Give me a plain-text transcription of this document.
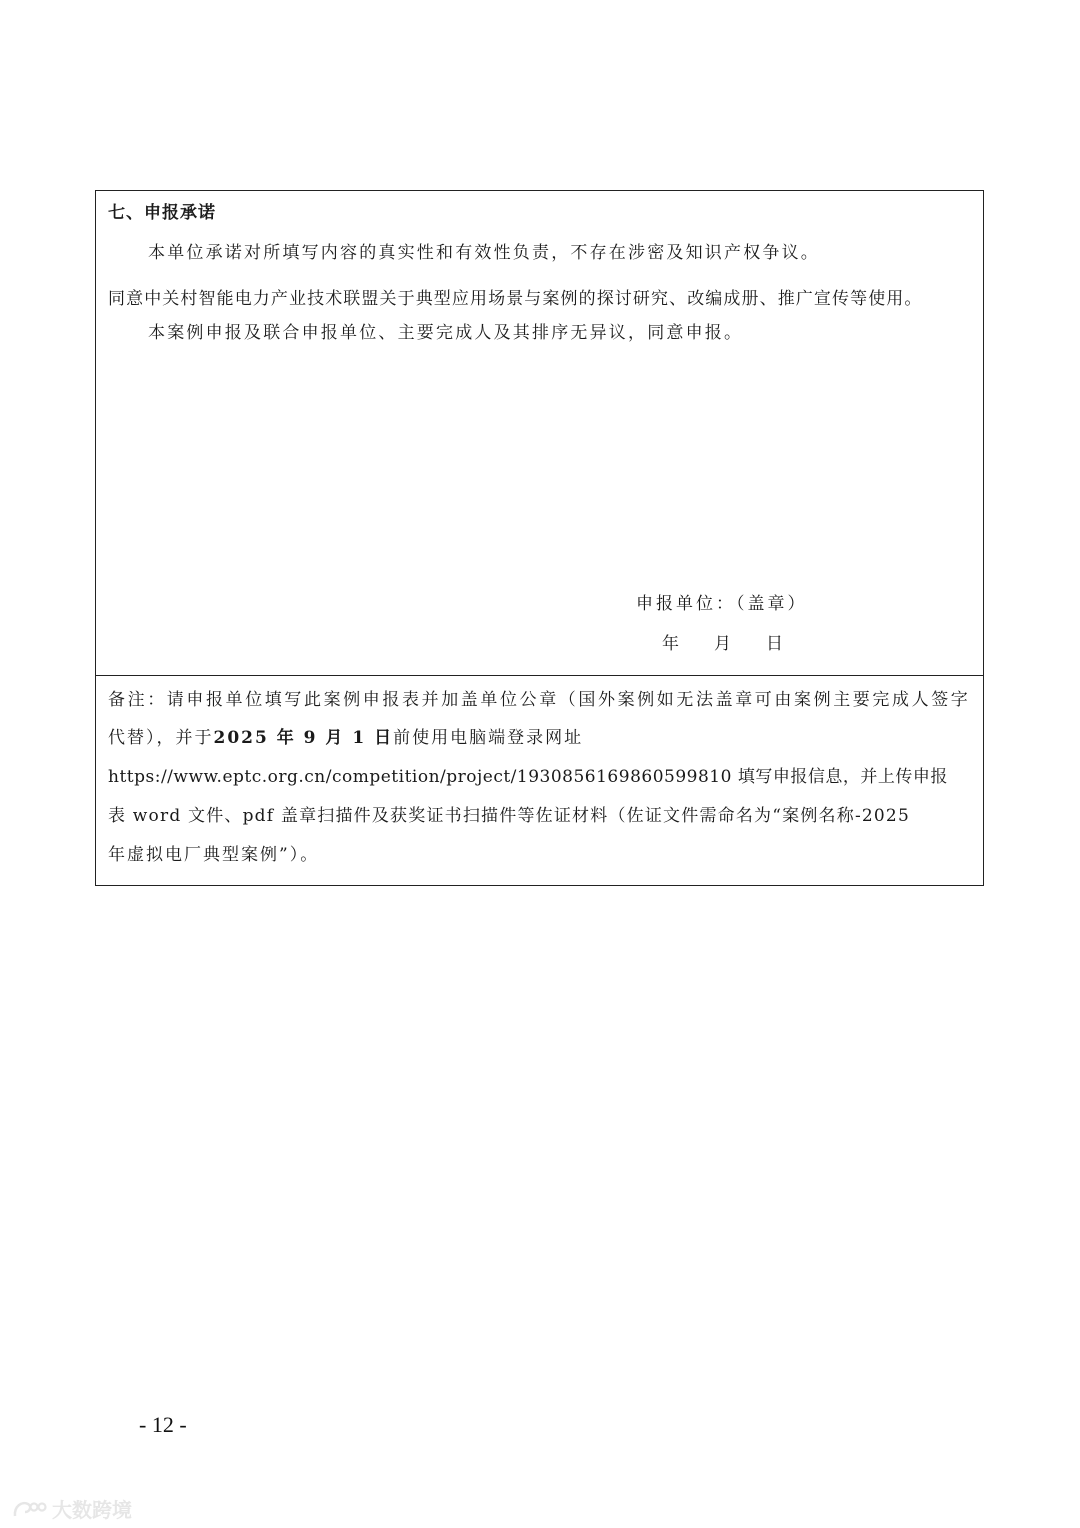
七、申报承诺
本单位承诺对所填写内容的真实性和有效性负责，不存在涉密及知识产权争议。
同意中关村智能电力产业技术联盟关于典型应用场景与案例的探讨研究、改编成册、推广宣传等使用。
本案例申报及联合申报单位、主要完成人及其排序无异议，同意申报。
申报单位：（盖章）
年 月 日
备注：请申报单位填写此案例申报表并加盖单位公章（国外案例如无法盖章可由案例主要完成人签字
代替），并于2025 年 9 月 1 日前使用电脑端登录网址
https://www.eptc.org.cn/competition/project/1930856169860599810 填写申报信息，并上传申报
表 word 文件、pdf 盖章扫描件及获奖证书扫描件等佐证材料（佐证文件需命名为“案例名称-2025
年虚拟电厂典型案例”）。
- 12 -
大数跨境
